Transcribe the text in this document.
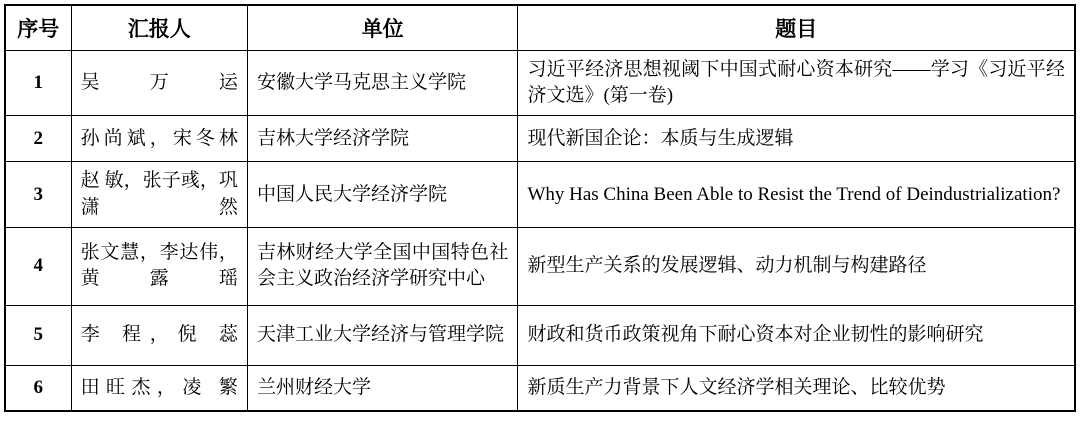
序号	汇报人	单位	题目
1	吴万运	安徽大学马克思主义学院	习近平经济思想视阈下中国式耐心资本研究——学习《习近平经济文选》(第一卷)
2	孙尚斌，宋冬林	吉林大学经济学院	现代新国企论：本质与生成逻辑
3	赵 敏，张子彧，巩潇然	中国人民大学经济学院	Why Has China Been Able to Resist the Trend of Deindustrialization?
4	张文慧，李达伟，黄露瑶	吉林财经大学全国中国特色社会主义政治经济学研究中心	新型生产关系的发展逻辑、动力机制与构建路径
5	李 程，倪 蕊	天津工业大学经济与管理学院	财政和货币政策视角下耐心资本对企业韧性的影响研究
6	田旺杰，凌 繁	兰州财经大学	新质生产力背景下人文经济学相关理论、比较优势
